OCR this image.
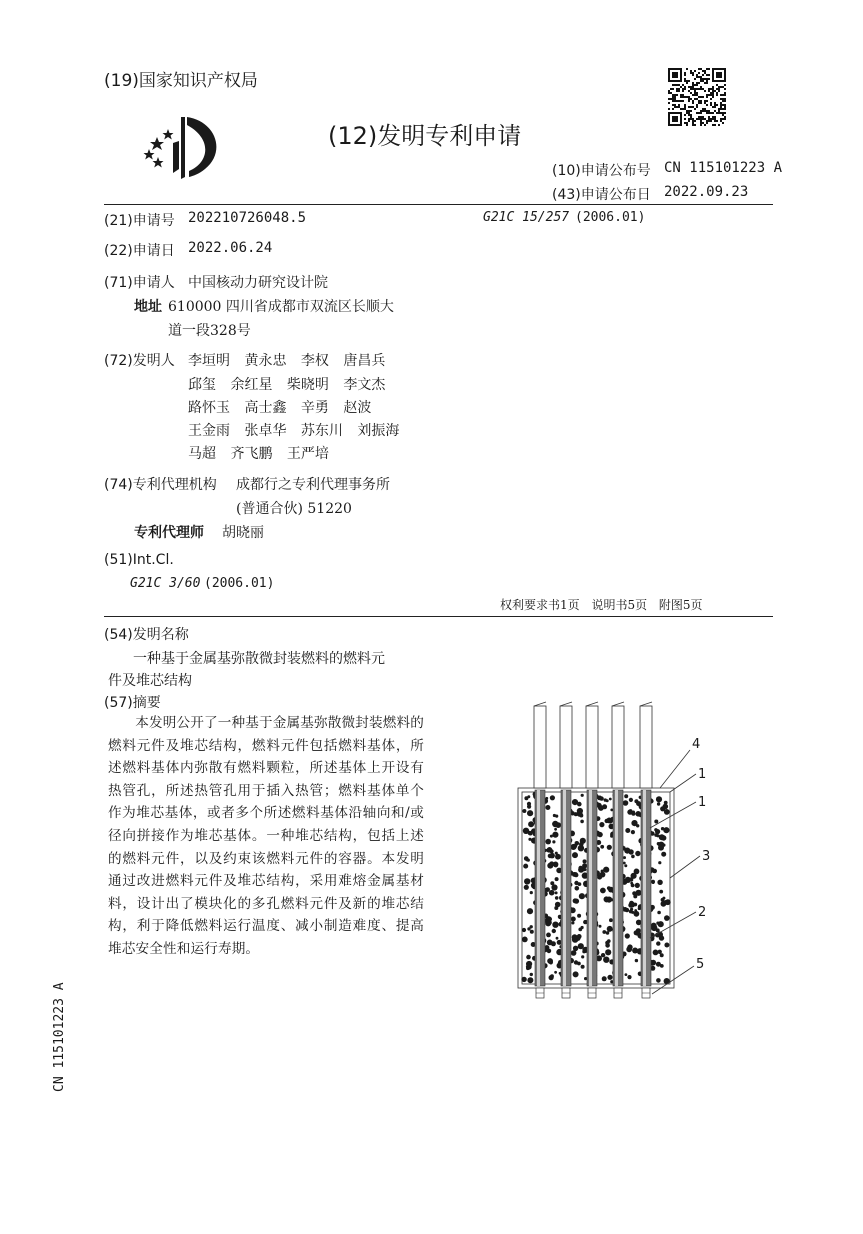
(19)国家知识产权局
(12)发明专利申请
(10)申请公布号 CN 115101223 A
(43)申请公布日 2022.09.23
(21)申请号 202210726048.5	G21C 15/257 (2006.01)
(22)申请日 2022.06.24
(71)申请人 中国核动力研究设计院
地址 610000 四川省成都市双流区长顺大
道一段328号
(72)发明人 李垣明 黄永忠 李权 唐昌兵
邱玺 余红星 柴晓明 李文杰
路怀玉 高士鑫 辛勇 赵波
王金雨 张卓华 苏东川 刘振海
马超 齐飞鹏 王严培
(74)专利代理机构 成都行之专利代理事务所
(普通合伙) 51220
专利代理师 胡晓丽
(51)Int.Cl.
G21C 3/60 (2006.01)
权利要求书1页 说明书5页 附图5页
(54)发明名称
一种基于金属基弥散微封装燃料的燃料元
件及堆芯结构
(57)摘要
本发明公开了一种基于金属基弥散微封装燃料的燃料元件及堆芯结构，燃料元件包括燃料基体，所述燃料基体内弥散有燃料颗粒，所述基体上开设有热管孔，所述热管孔用于插入热管；燃料基体单个作为堆芯基体，或者多个所述燃料基体沿轴向和/或径向拼接作为堆芯基体。一种堆芯结构，包括上述的燃料元件，以及约束该燃料元件的容器。本发明通过改进燃料元件及堆芯结构，采用难熔金属基材料，设计出了模块化的多孔燃料元件及新的堆芯结构，利于降低燃料运行温度、减小制造难度、提高堆芯安全性和运行寿期。
4
1
1
3
2
5
CN 115101223 A
